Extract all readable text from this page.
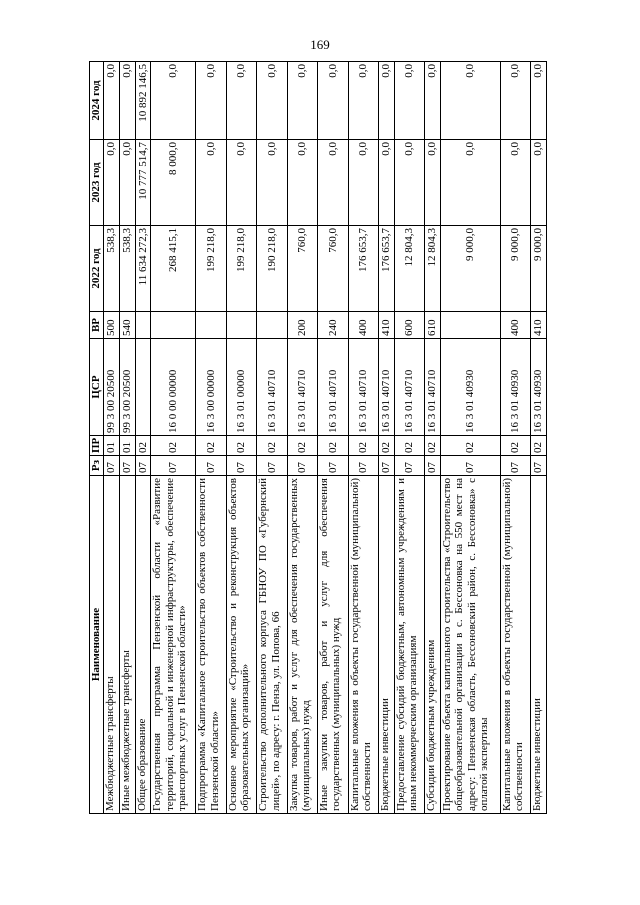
169
Наименование	Рз	ПР	ЦСР	ВР	2022 год	2023 год	2024 год
Межбюджетные трансферты	07	01	99 3 00 20500	500	538,3	0,0	0,0
Иные межбюджетные трансферты	07	01	99 3 00 20500	540	538,3	0,0	0,0
Общее образование	07	02			11 634 272,3	10 777 514,7	10 892 146,5
Государственная программа Пензенской области «Развитие территорий, социальной и инженерной инфраструктуры, обеспечение транспортных услуг в Пензенской области»	07	02	16 0 00 00000		268 415,1	8 000,0	0,0
Подпрограмма «Капитальное строительство объектов собственности Пензенской области»	07	02	16 3 00 00000		199 218,0	0,0	0,0
Основное мероприятие «Строительство и реконструкция объектов образовательных организаций»	07	02	16 3 01 00000		199 218,0	0,0	0,0
Строительство дополнительного корпуса ГБНОУ ПО «Губернский лицей», по адресу: г. Пенза, ул. Попова, 66	07	02	16 3 01 40710		190 218,0	0,0	0,0
Закупка товаров, работ и услуг для обеспечения государственных (муниципальных) нужд	07	02	16 3 01 40710	200	760,0	0,0	0,0
Иные закупки товаров, работ и услуг для обеспечения государственных (муниципальных) нужд	07	02	16 3 01 40710	240	760,0	0,0	0,0
Капитальные вложения в объекты государственной (муниципальной) собственности	07	02	16 3 01 40710	400	176 653,7	0,0	0,0
Бюджетные инвестиции	07	02	16 3 01 40710	410	176 653,7	0,0	0,0
Предоставление субсидий бюджетным, автономным учреждениям и иным некоммерческим организациям	07	02	16 3 01 40710	600	12 804,3	0,0	0,0
Субсидии бюджетным учреждениям	07	02	16 3 01 40710	610	12 804,3	0,0	0,0
Проектирование объекта капитального строительства «Строительство общеобразовательной организации в с. Бессоновка на 550 мест на адресу: Пензенская область, Бессоновский район, с. Бессоновка» с оплатой экспертизы	07	02	16 3 01 40930		9 000,0	0,0	0,0
Капитальные вложения в объекты государственной (муниципальной) собственности	07	02	16 3 01 40930	400	9 000,0	0,0	0,0
Бюджетные инвестиции	07	02	16 3 01 40930	410	9 000,0	0,0	0,0
